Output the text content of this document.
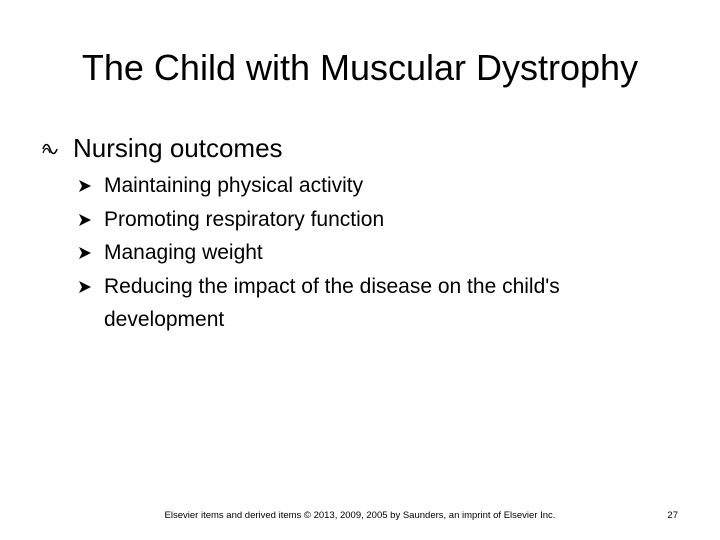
The Child with Muscular Dystrophy
Nursing outcomes
Maintaining physical activity
Promoting respiratory function
Managing weight
Reducing the impact of the disease on the child's development
Elsevier items and derived items © 2013, 2009, 2005 by Saunders, an imprint of Elsevier Inc.	27
